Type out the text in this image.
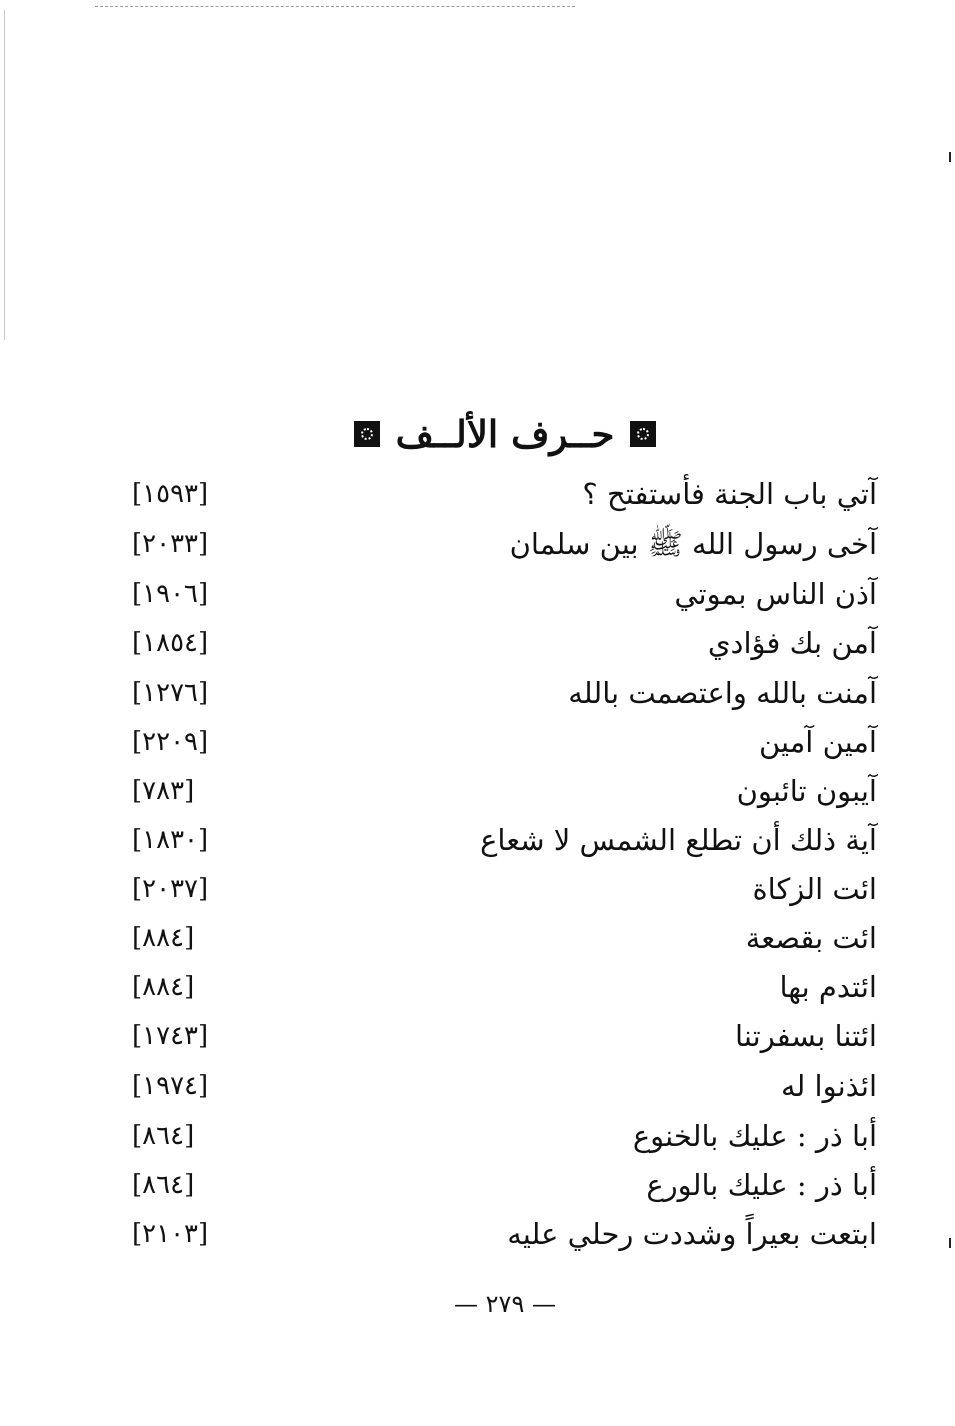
حــرف الألــف
آتي باب الجنة فأستفتح ؟
[١٥٩٣]
آخى رسول الله ﷺ بين سلمان
[٢٠٣٣]
آذن الناس بموتي
[١٩٠٦]
آمن بك فؤادي
[١٨٥٤]
آمنت بالله واعتصمت بالله
[١٢٧٦]
آمين آمين
[٢٢٠٩]
آيبون تائبون
[٧٨٣]
آية ذلك أن تطلع الشمس لا شعاع
[١٨٣٠]
ائت الزكاة
[٢٠٣٧]
ائت بقصعة
[٨٨٤]
ائتدم بها
[٨٨٤]
ائتنا بسفرتنا
[١٧٤٣]
ائذنوا له
[١٩٧٤]
أبا ذر : عليك بالخنوع
[٨٦٤]
أبا ذر : عليك بالورع
[٨٦٤]
ابتعت بعيراً وشددت رحلي عليه
[٢١٠٣]
— ٢٧٩ —
